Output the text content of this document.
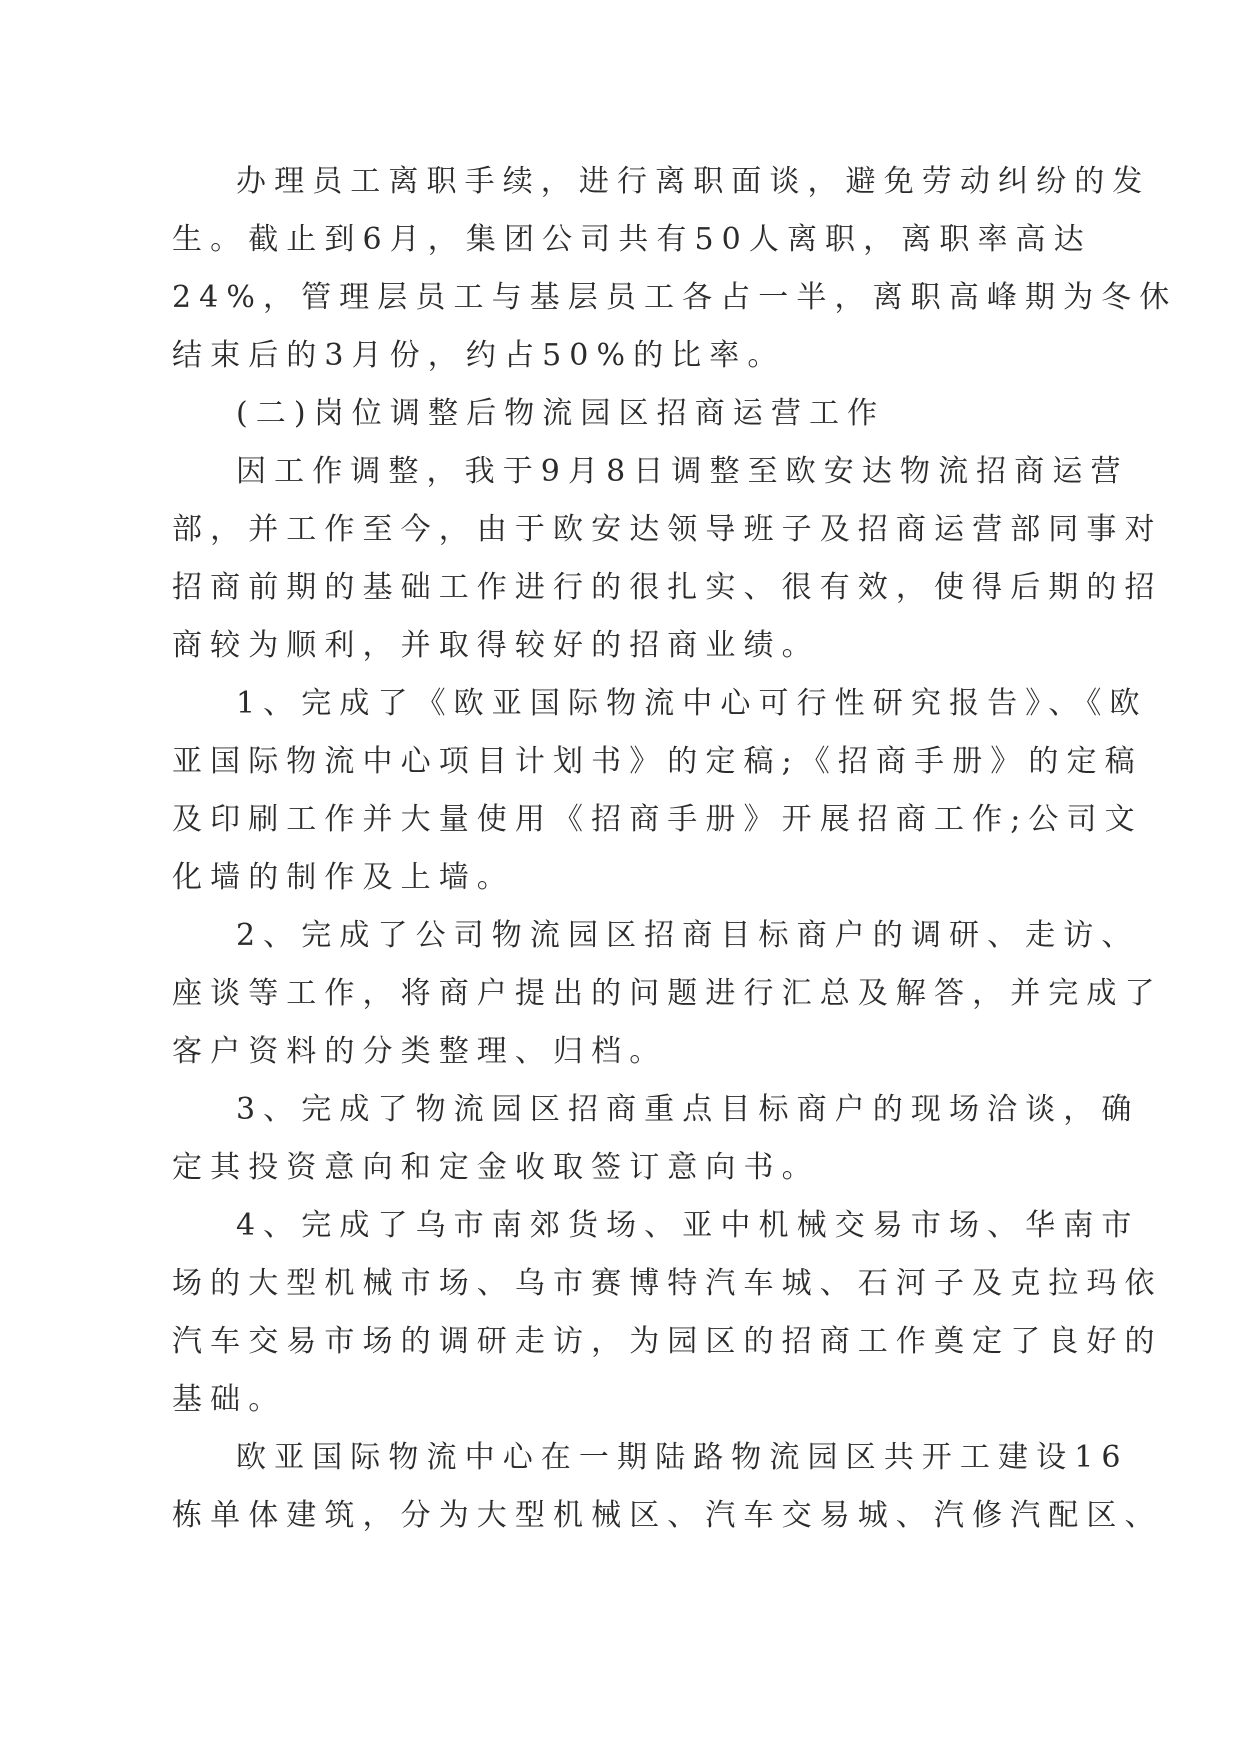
办理员工离职手续，进行离职面谈，避免劳动纠纷的发
生。截止到6月，集团公司共有50人离职，离职率高达
24%，管理层员工与基层员工各占一半，离职高峰期为冬休
结束后的3月份，约占50%的比率。
(二)岗位调整后物流园区招商运营工作
因工作调整，我于9月8日调整至欧安达物流招商运营
部，并工作至今，由于欧安达领导班子及招商运营部同事对
招商前期的基础工作进行的很扎实、很有效，使得后期的招
商较为顺利，并取得较好的招商业绩。
1、完成了《欧亚国际物流中心可行性研究报告》、《欧
亚国际物流中心项目计划书》的定稿;《招商手册》的定稿
及印刷工作并大量使用《招商手册》开展招商工作;公司文
化墙的制作及上墙。
2、完成了公司物流园区招商目标商户的调研、走访、
座谈等工作，将商户提出的问题进行汇总及解答，并完成了
客户资料的分类整理、归档。
3、完成了物流园区招商重点目标商户的现场洽谈，确
定其投资意向和定金收取签订意向书。
4、完成了乌市南郊货场、亚中机械交易市场、华南市
场的大型机械市场、乌市赛博特汽车城、石河子及克拉玛依
汽车交易市场的调研走访，为园区的招商工作奠定了良好的
基础。
欧亚国际物流中心在一期陆路物流园区共开工建设16
栋单体建筑，分为大型机械区、汽车交易城、汽修汽配区、
